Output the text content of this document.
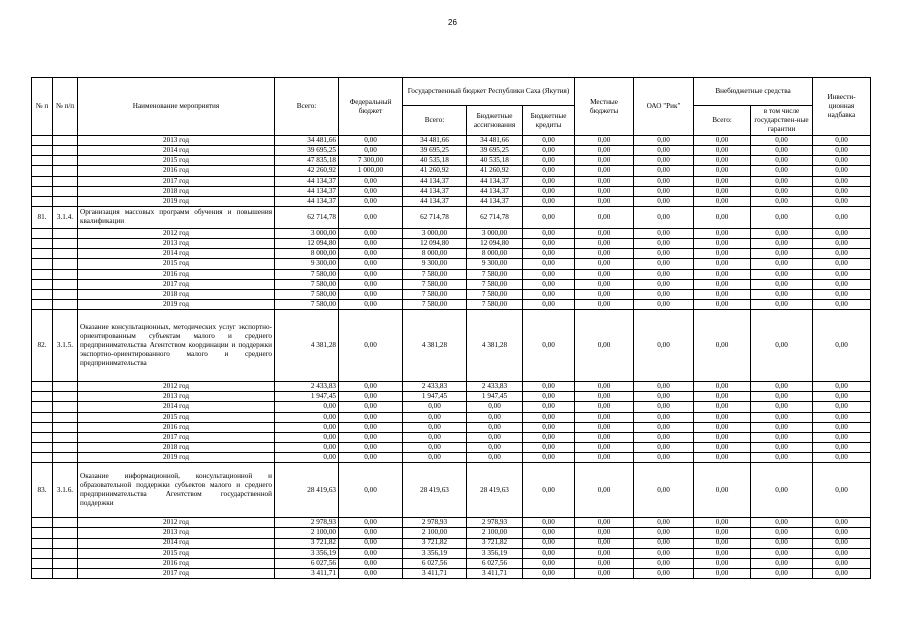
26
№ п	№ п/п	Наименование мероприятия	Всего:	Федеральный бюджет	Государственный бюджет Республики Саха (Якутия)			Местные бюджеты	ОАО "Рик"	Внебюджетные средства		Инвести-ционная надбавка
					Всего:	Бюджетные ассигнования	Бюджетные кредиты			Всего:	в том числе государствен-ные гарантии	
		2013 год	34 481,66	0,00	34 481,66	34 481,66	0,00	0,00	0,00	0,00	0,00	0,00
		2014 год	39 695,25	0,00	39 695,25	39 695,25	0,00	0,00	0,00	0,00	0,00	0,00
		2015 год	47 835,18	7 300,00	40 535,18	40 535,18	0,00	0,00	0,00	0,00	0,00	0,00
		2016 год	42 260,92	1 000,00	41 260,92	41 260,92	0,00	0,00	0,00	0,00	0,00	0,00
		2017 год	44 134,37	0,00	44 134,37	44 134,37	0,00	0,00	0,00	0,00	0,00	0,00
		2018 год	44 134,37	0,00	44 134,37	44 134,37	0,00	0,00	0,00	0,00	0,00	0,00
		2019 год	44 134,37	0,00	44 134,37	44 134,37	0,00	0,00	0,00	0,00	0,00	0,00
81.	3.1.4.	Организация массовых программ обучения и повышения квалификации	62 714,78	0,00	62 714,78	62 714,78	0,00	0,00	0,00	0,00	0,00	0,00
		2012 год	3 000,00	0,00	3 000,00	3 000,00	0,00	0,00	0,00	0,00	0,00	0,00
		2013 год	12 094,80	0,00	12 094,80	12 094,80	0,00	0,00	0,00	0,00	0,00	0,00
		2014 год	8 000,00	0,00	8 000,00	8 000,00	0,00	0,00	0,00	0,00	0,00	0,00
		2015 год	9 300,00	0,00	9 300,00	9 300,00	0,00	0,00	0,00	0,00	0,00	0,00
		2016 год	7 580,00	0,00	7 580,00	7 580,00	0,00	0,00	0,00	0,00	0,00	0,00
		2017 год	7 580,00	0,00	7 580,00	7 580,00	0,00	0,00	0,00	0,00	0,00	0,00
		2018 год	7 580,00	0,00	7 580,00	7 580,00	0,00	0,00	0,00	0,00	0,00	0,00
		2019 год	7 580,00	0,00	7 580,00	7 580,00	0,00	0,00	0,00	0,00	0,00	0,00
82.	3.1.5.	Оказание консультационных, методических услуг экспортно-ориентированным субъектам малого и среднего предпринимательства Агентством координации и поддержки экспортно-ориентированного малого и среднего предпринимательства	4 381,28	0,00	4 381,28	4 381,28	0,00	0,00	0,00	0,00	0,00	0,00
		2012 год	2 433,83	0,00	2 433,83	2 433,83	0,00	0,00	0,00	0,00	0,00	0,00
		2013 год	1 947,45	0,00	1 947,45	1 947,45	0,00	0,00	0,00	0,00	0,00	0,00
		2014 год	0,00	0,00	0,00	0,00	0,00	0,00	0,00	0,00	0,00	0,00
		2015 год	0,00	0,00	0,00	0,00	0,00	0,00	0,00	0,00	0,00	0,00
		2016 год	0,00	0,00	0,00	0,00	0,00	0,00	0,00	0,00	0,00	0,00
		2017 год	0,00	0,00	0,00	0,00	0,00	0,00	0,00	0,00	0,00	0,00
		2018 год	0,00	0,00	0,00	0,00	0,00	0,00	0,00	0,00	0,00	0,00
		2019 год	0,00	0,00	0,00	0,00	0,00	0,00	0,00	0,00	0,00	0,00
83.	3.1.6.	Оказание информационной, консультационной и образовательной поддержки субъектов малого и среднего предпринимательства Агентством государственной поддержки	28 419,63	0,00	28 419,63	28 419,63	0,00	0,00	0,00	0,00	0,00	0,00
		2012 год	2 978,93	0,00	2 978,93	2 978,93	0,00	0,00	0,00	0,00	0,00	0,00
		2013 год	2 100,00	0,00	2 100,00	2 100,00	0,00	0,00	0,00	0,00	0,00	0,00
		2014 год	3 721,82	0,00	3 721,82	3 721,82	0,00	0,00	0,00	0,00	0,00	0,00
		2015 год	3 356,19	0,00	3 356,19	3 356,19	0,00	0,00	0,00	0,00	0,00	0,00
		2016 год	6 027,56	0,00	6 027,56	6 027,56	0,00	0,00	0,00	0,00	0,00	0,00
		2017 год	3 411,71	0,00	3 411,71	3 411,71	0,00	0,00	0,00	0,00	0,00	0,00
